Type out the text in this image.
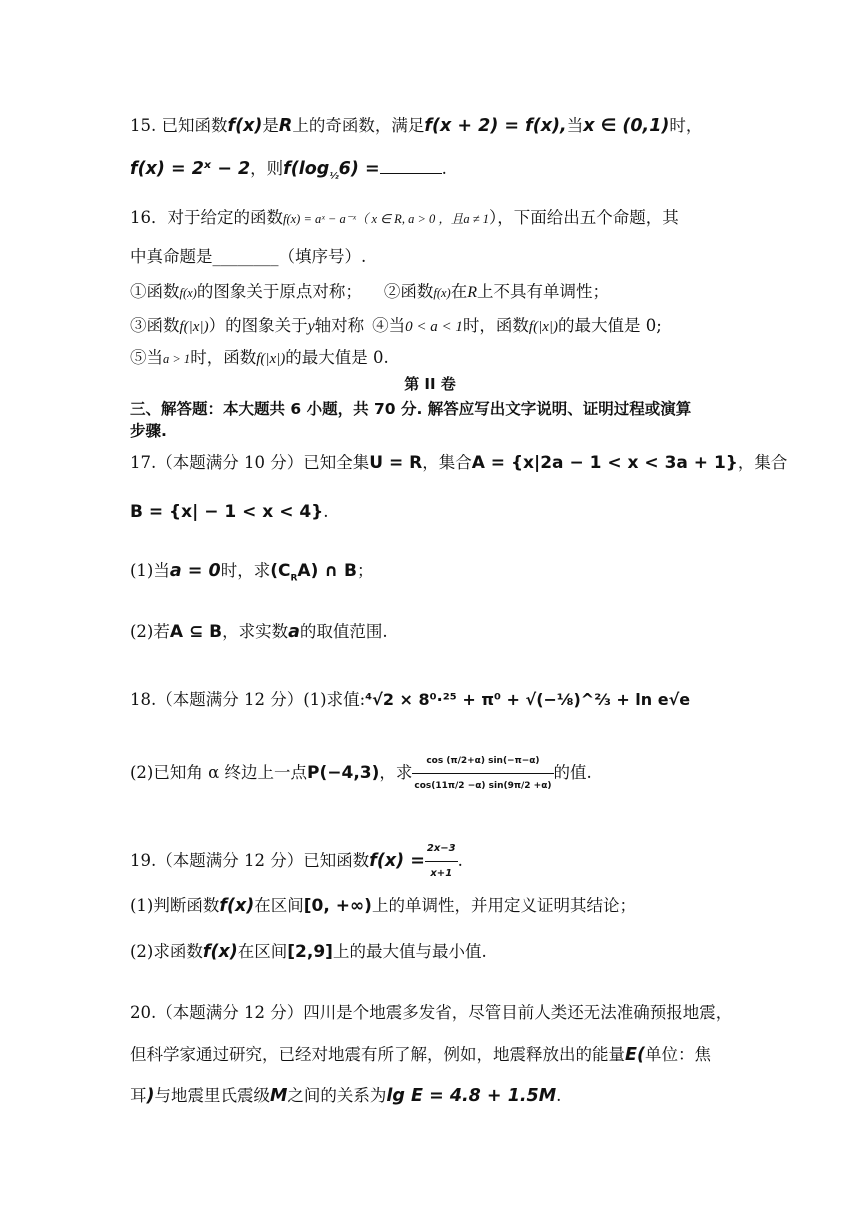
15. 已知函数f(x)是R上的奇函数，满足f(x + 2) = f(x),当x ∈ (0,1)时，
f(x) = 2ˣ − 2，则$f(\log_{\frac{1}{2}}6)$ =	.
16．对于给定的函数f(x) = aˣ − a⁻ˣ（ x ∈ R, a > 0 ，且a ≠ 1），下面给出五个命题，其
中真命题是________（填序号）.
①函数f(x)的图象关于原点对称； ②函数f(x)在R上不具有单调性；
③函数f(|x|)）的图象关于y轴对称 ④当0 < a < 1时，函数f(|x|)的最大值是 0;
⑤当a > 1时，函数f(|x|)的最大值是 0.
第 II 卷
三、解答题：本大题共 6 小题，共 70 分. 解答应写出文字说明、证明过程或演算
步骤.
17.（本题满分 10 分）已知全集U = R，集合A = {x|2a − 1 < x < 3a + 1}，集合
B = {x| − 1 < x < 4}.
(1)当a = 0时，求$(C_RA)$ ∩ B；
(2)若A ⊆ B，求实数a的取值范围.
18.（本题满分 12 分）(1)求值:⁴√2 × 8⁰·²⁵ + π⁰ + √(−⅛)^⅔ + ln e√e
(2)已知角 α 终边上一点P(−4,3)，求 $\frac{\cos (\pi/2+\alpha) \sin(-\pi-\alpha)}{\cos(11\pi/2 -\alpha) \sin(9\pi/2 +\alpha)}$ 的值.
19.（本题满分 12 分）已知函数$f(x) = \frac{2x-3}{x+1}$ .
(1)判断函数f(x)在区间[0, +∞)上的单调性，并用定义证明其结论；
(2)求函数f(x)在区间[2,9]上的最大值与最小值.
20.（本题满分 12 分）四川是个地震多发省，尽管目前人类还无法准确预报地震，
但科学家通过研究，已经对地震有所了解，例如，地震释放出的能量E(单位：焦
耳)与地震里氏震级M之间的关系为lg E = 4.8 + 1.5M.
